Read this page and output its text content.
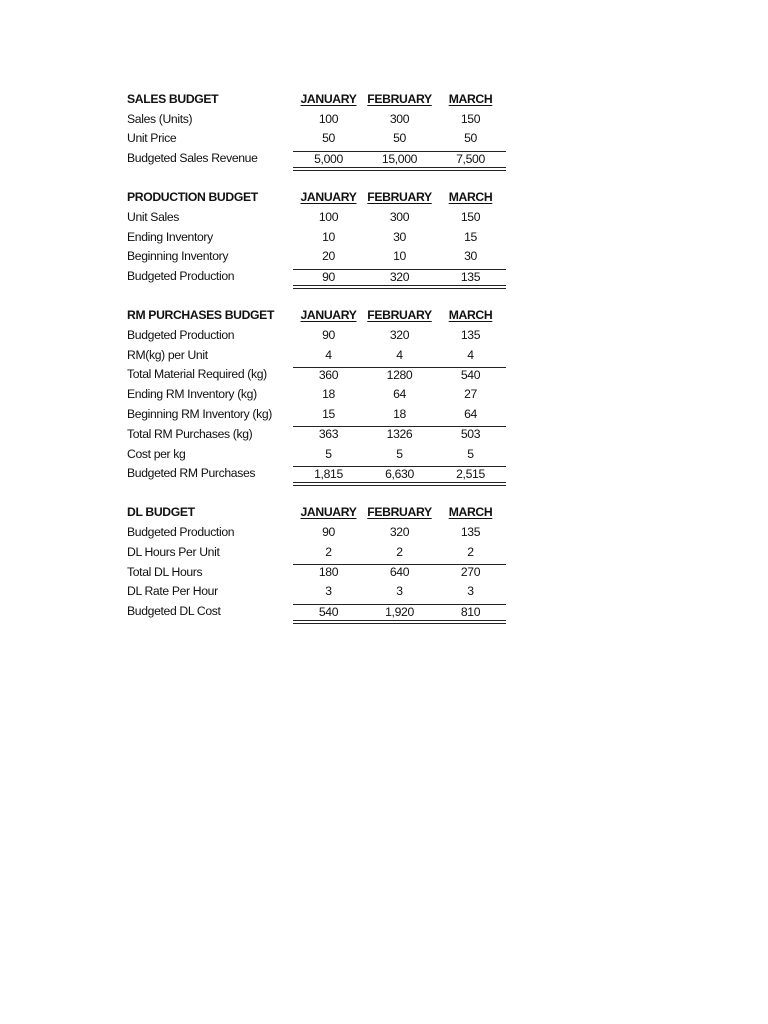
SALES BUDGET	JANUARY FEBRUARY	MARCH
Sales (Units)	100	300	150
Unit Price	50	50	50
Budgeted Sales Revenue	5,000	15,000	7,500
PRODUCTION BUDGET	JANUARY FEBRUARY	MARCH
Unit Sales	100	300	150
Ending Inventory	10	30	15
Beginning Inventory	20	10	30
Budgeted Production	90	320	135
RM PURCHASES BUDGET	JANUARY FEBRUARY	MARCH
Budgeted Production	90	320	135
RM(kg) per Unit	4	4	4
Total Material Required (kg)	360	1280	540
Ending RM Inventory (kg)	18	64	27
Beginning RM Inventory (kg)	15	18	64
Total RM Purchases (kg)	363	1326	503
Cost per kg	5	5	5
Budgeted RM Purchases	1,815	6,630	2,515
DL BUDGET	JANUARY FEBRUARY	MARCH
Budgeted Production	90	320	135
DL Hours Per Unit	2	2	2
Total DL Hours	180	640	270
DL Rate Per Hour	3	3	3
Budgeted DL Cost	540	1,920	810
